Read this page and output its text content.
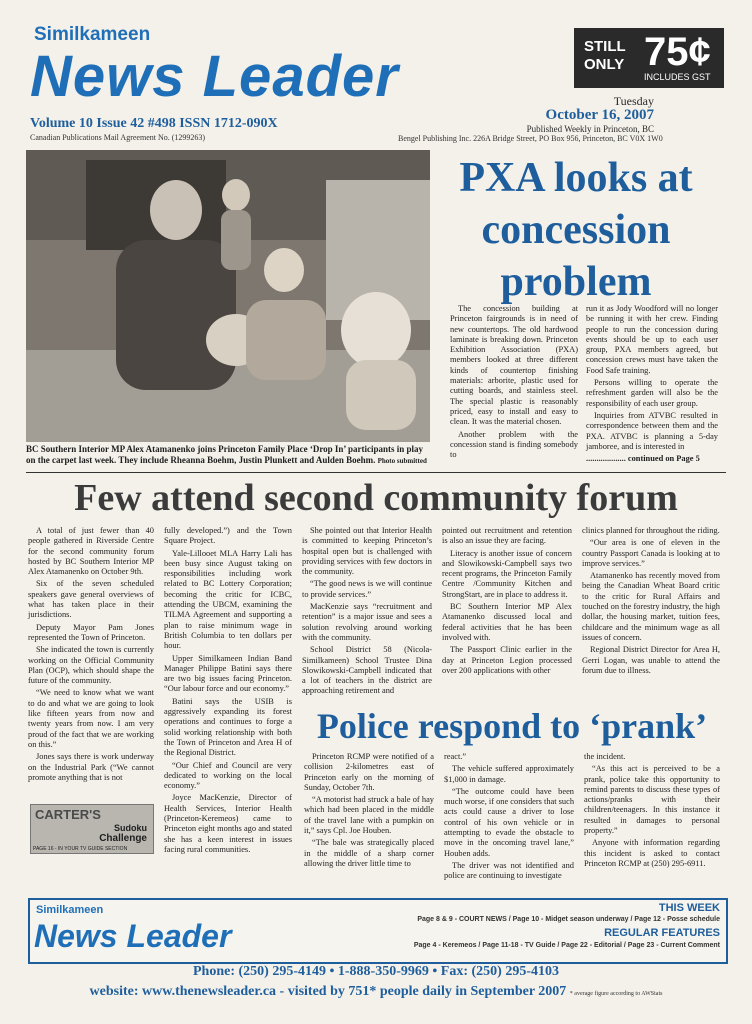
Similkameen
News Leader	STILL
ONLY 75¢
INCLUDES GST
Volume 10 Issue 42 #498 ISSN 1712-090X
Canadian Publications Mail Agreement No. (1299263)
Tuesday
October 16, 2007
Published Weekly in Princeton, BC
Bengel Publishing Inc. 226A Bridge Street, PO Box 956, Princeton, BC V0X 1W0
BC Southern Interior MP Alex Atamanenko joins Princeton Family Place ‘Drop In’ participants in play on the carpet last week. They include Rheanna Boehm, Justin Plunkett and Aulden Boehm. Photo submitted
PXA looks at
concession
problem

The concession building at Princeton fairgrounds is in need of new countertops. The old hardwood laminate is breaking down. Princeton Exhibition Association (PXA) members looked at three different kinds of countertop finishing materials: arborite, plastic used for cutting boards, and stainless steel. The special plastic is reasonably priced, easy to install and easy to clean. It was the material chosen.

Another problem with the concession stand is finding somebody to

run it as Jody Woodford will no longer be running it with her crew. Finding people to run the concession during events should be up to each user group, PXA members agreed, but concession crews must have taken the Food Safe training.

Persons willing to operate the refreshment garden will also be the responsibility of each user group.

Inquiries from ATVBC resulted in correspondence between them and the PXA. ATVBC is planning a 5-day jamboree, and is interested in

................... continued on Page 5

Few attend second community forum

A total of just fewer than 40 people gathered in Riverside Centre for the second community forum hosted by BC Southern Interior MP Alex Atamanenko on October 9th.

Six of the seven scheduled speakers gave general overviews of what has taken place in their jurisdictions.

Deputy Mayor Pam Jones represented the Town of Princeton.

She indicated the town is currently working on the Official Community Plan (OCP), which should shape the future of the community.

“We need to know what we want to do and what we are going to look like fifteen years from now and twenty years from now. I am very proud of the fact that we are working on this.”

Jones says there is work underway on the Industrial Park (“We cannot promote anything that is not

fully developed.”) and the Town Square Project.

Yale-Lillooet MLA Harry Lali has been busy since August taking on responsibilities including work related to BC Lottery Corporation; becoming the critic for ICBC, attending the UBCM, examining the TILMA Agreement and supporting a plan to raise minimum wage in British Columbia to ten dollars per hour.

Upper Similkameen Indian Band Manager Philippe Batini says there are two big issues facing Princeton. “Our labour force and our economy.”

Batini says the USIB is aggressively expanding its forest operations and continues to forge a solid working relationship with both the Town of Princeton and Area H of the Regional District.

“Our Chief and Council are very dedicated to working on the local economy.”

Joyce MacKenzie, Director of Health Services, Interior Health (Princeton-Keremeos) came to Princeton eight months ago and stated she has a keen interest in issues facing rural communities.

She pointed out that Interior Health is committed to keeping Princeton’s hospital open but is challenged with providing services with few doctors in the community.

“The good news is we will continue to provide services.”

MacKenzie says “recruitment and retention” is a major issue and sees a solution revolving around working with the community.

School District 58 (Nicola-Similkameen) School Trustee Dina Slowikowski-Campbell indicated that a lot of teachers in the district are approaching retirement and

pointed out recruitment and retention is also an issue they are facing.

Literacy is another issue of concern and Slowikowski-Campbell says two recent programs, the Princeton Family Centre /Community Kitchen and StrongStart, are in place to address it.

BC Southern Interior MP Alex Atamanenko discussed local and federal activities that he has been involved with.

The Passport Clinic earlier in the day at Princeton Legion processed over 200 applications with other

clinics planned for throughout the riding.

“Our area is one of eleven in the country Passport Canada is looking at to improve services.”

Atamanenko has recently moved from being the Canadian Wheat Board critic to the critic for Rural Affairs and touched on the forestry industry, the high dollar, the housing market, tuition fees, childcare and the minimum wage as all issues of concern.

Regional District Director for Area H, Gerri Logan, was unable to attend the forum due to illness.

CARTER'S
Sudoku
Challenge
PAGE 16 - IN YOUR TV GUIDE SECTION
Police respond to ‘prank’

Princeton RCMP were notified of a collision 2-kilometres east of Princeton early on the morning of Sunday, October 7th.

“A motorist had struck a bale of hay which had been placed in the middle of the travel lane with a pumpkin on it,” says Cpl. Joe Houben.

“The bale was strategically placed in the middle of a sharp corner allowing the driver little time to

react.”

The vehicle suffered approximately $1,000 in damage.

“The outcome could have been much worse, if one considers that such acts could cause a driver to lose control of his own vehicle or in attempting to evade the obstacle to move in the oncoming travel lane,” Houben adds.

The driver was not identified and police are continuing to investigate

the incident.

“As this act is perceived to be a prank, police take this opportunity to remind parents to discuss these types of actions/pranks with their children/teenagers. In this instance it resulted in damages to personal property.”

Anyone with information regarding this incident is asked to contact Princeton RCMP at (250) 295-6911.

Similkameen
News Leader
THIS WEEK
Page 8 & 9 - COURT NEWS / Page 10 - Midget season underway / Page 12 - Posse schedule
REGULAR FEATURES
Page 4 - Keremeos / Page 11-18 - TV Guide / Page 22 - Editorial / Page 23 - Current Comment
Phone: (250) 295-4149 • 1-888-350-9969 • Fax: (250) 295-4103
website: www.thenewsleader.ca - visited by 751* people daily in September 2007 * average figure according to AWStats
